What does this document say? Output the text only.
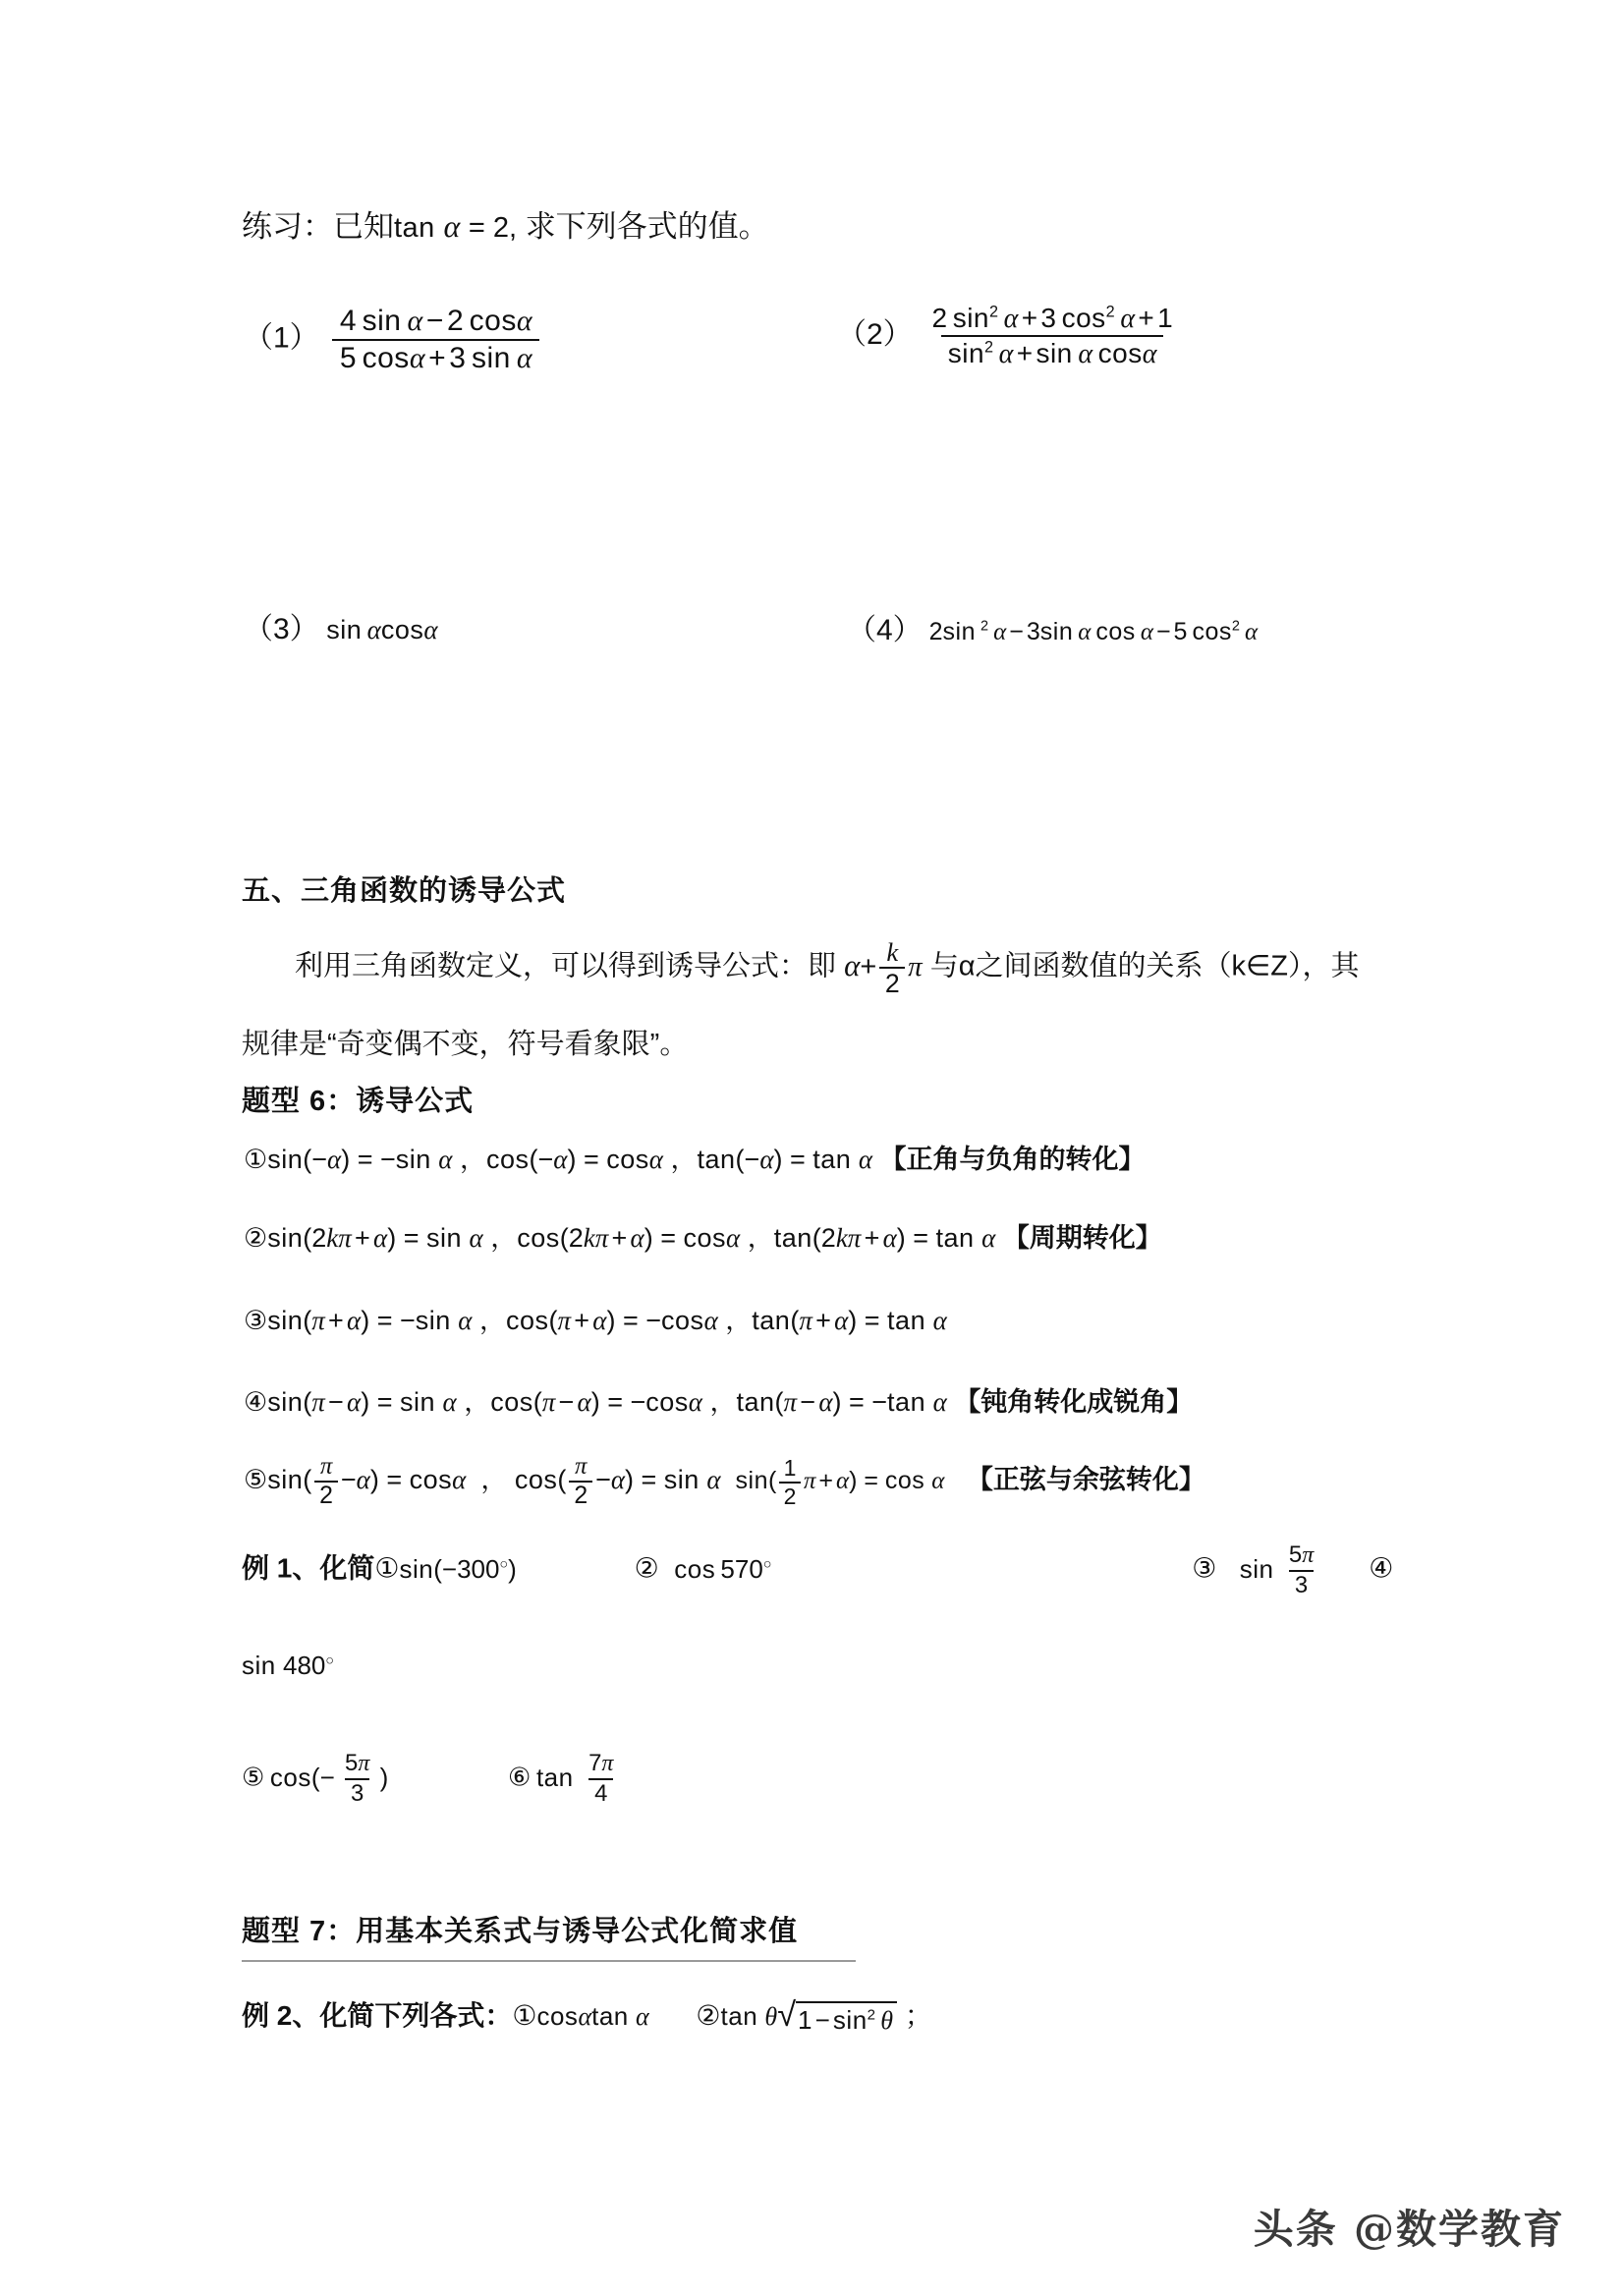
练习：已知tan α = 2, 求下列各式的值。
$(1) \frac{\text{4  sin  α − 2  cosα}}{\text{5  cosα + 3  sin  α}}$	$(2) \frac{2 \sin^2 \alpha + 3 \cos^2 \alpha + 1}{\sin^2 \alpha + \sin \alpha \cos\alpha}$
（3） sin  αcosα	（4） 2sin  $^2$  α − 3sin  α  cos  α − 5  $\cos^2 \alpha$
五、三角函数的诱导公式
利用三角函数定义，可以得到诱导公式：即 $\alpha+ \frac{k}{2}$ π 与α之间函数值的关系（k∈Z），其
规律是“奇变偶不变，符号看象限”。
题型 6：诱导公式
①sin(−α) = −sin α ，cos(−α) = cosα ，tan(−α) = tan α 【正角与负角的转化】
②sin(2kπ + α) = sin α ，cos(2kπ + α) = cosα ，tan(2kπ + α) = tan α 【周期转化】
③sin(π + α) = −sin α ，cos(π + α) = −cosα ，tan(π + α) = tan α
④sin(π − α) = sin α ，cos(π − α) = −cosα ，tan(π − α) = −tan α 【钝角转化成锐角】
⑤sin( $\frac{\pi}{2} -\alpha) = \cos\alpha$  ， $\cos( \frac{\pi}{2} -\alpha) = \sin \alpha$ $\sin( \frac{1}{2}$ π + α) = cos α 【正弦与余弦转化】
例 1、化简①sin(−300○)	② cos  570○	③ $\sin \frac{5\pi}{3}$ ④
sin 480○
⑤  $\cos(- \frac{5\pi}{3}$ )	⑥  $\tan \frac{7\pi}{4}$
题型 7：用基本关系式与诱导公式化简求值
例 2、化简下列各式：①cosαtan α ②tan θ √ $1 - \sin^2 \theta$ ；
头条 @数学教育
